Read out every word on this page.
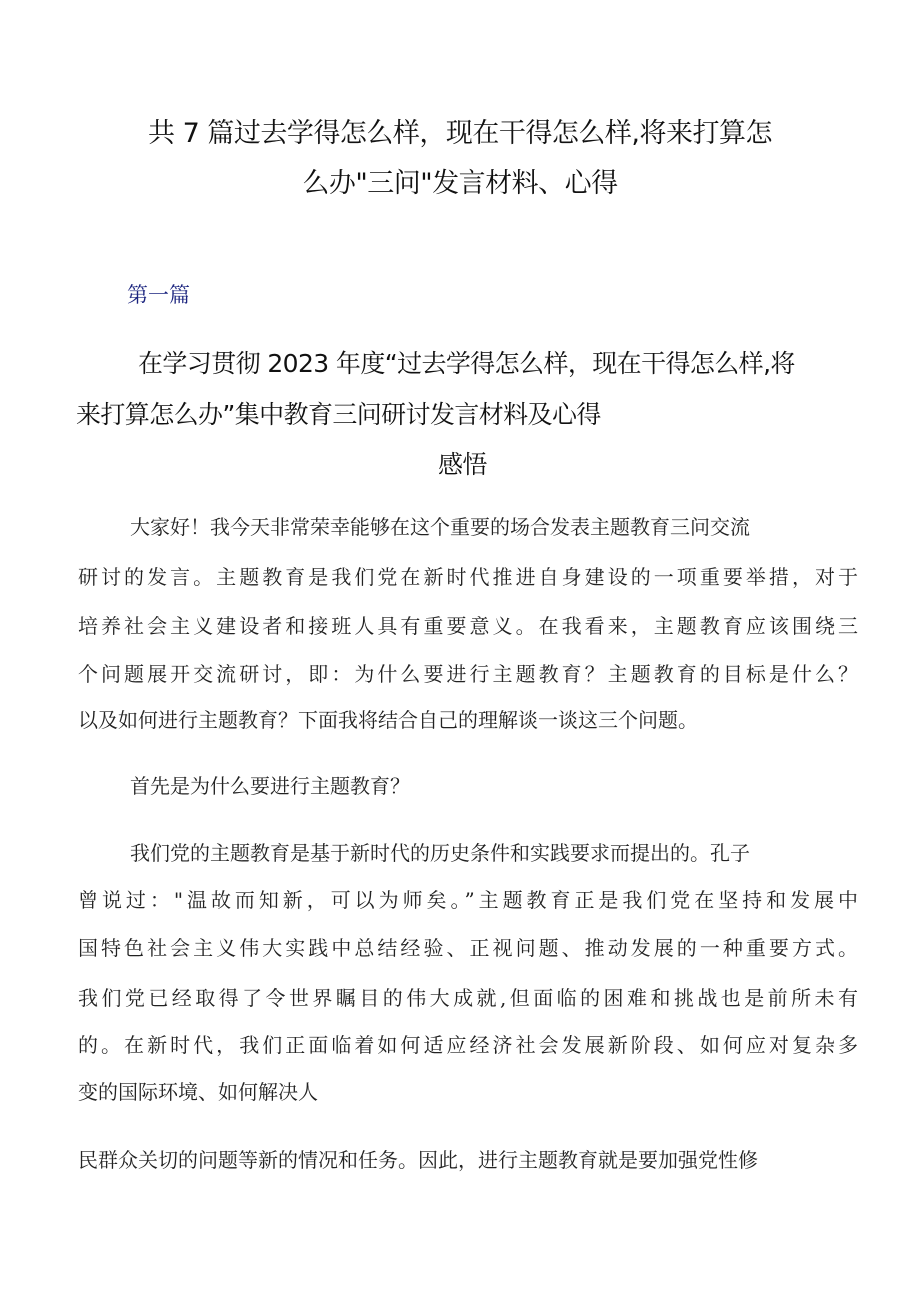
共 7 篇过去学得怎么样，现在干得怎么样,将来打算怎
么办"三问"发言材料、心得
第一篇
在学习贯彻 2023 年度“过去学得怎么样，现在干得怎么样,将
来打算怎么办”集中教育三问研讨发言材料及心得
感悟
大家好！我今天非常荣幸能够在这个重要的场合发表主题教育三问交流
研讨的发言。主题教育是我们党在新时代推进自身建设的一项重要举措，对于
培养社会主义建设者和接班人具有重要意义。在我看来，主题教育应该围绕三
个问题展开交流研讨，即：为什么要进行主题教育？主题教育的目标是什么？
以及如何进行主题教育？下面我将结合自己的理解谈一谈这三个问题。
首先是为什么要进行主题教育？
我们党的主题教育是基于新时代的历史条件和实践要求而提出的。孔子
曾说过："温故而知新，可以为师矣。”主题教育正是我们党在坚持和发展中
国特色社会主义伟大实践中总结经验、正视问题、推动发展的一种重要方式。
我们党已经取得了令世界瞩目的伟大成就,但面临的困难和挑战也是前所未有
的。在新时代，我们正面临着如何适应经济社会发展新阶段、如何应对复杂多
变的国际环境、如何解决人
民群众关切的问题等新的情况和任务。因此，进行主题教育就是要加强党性修
